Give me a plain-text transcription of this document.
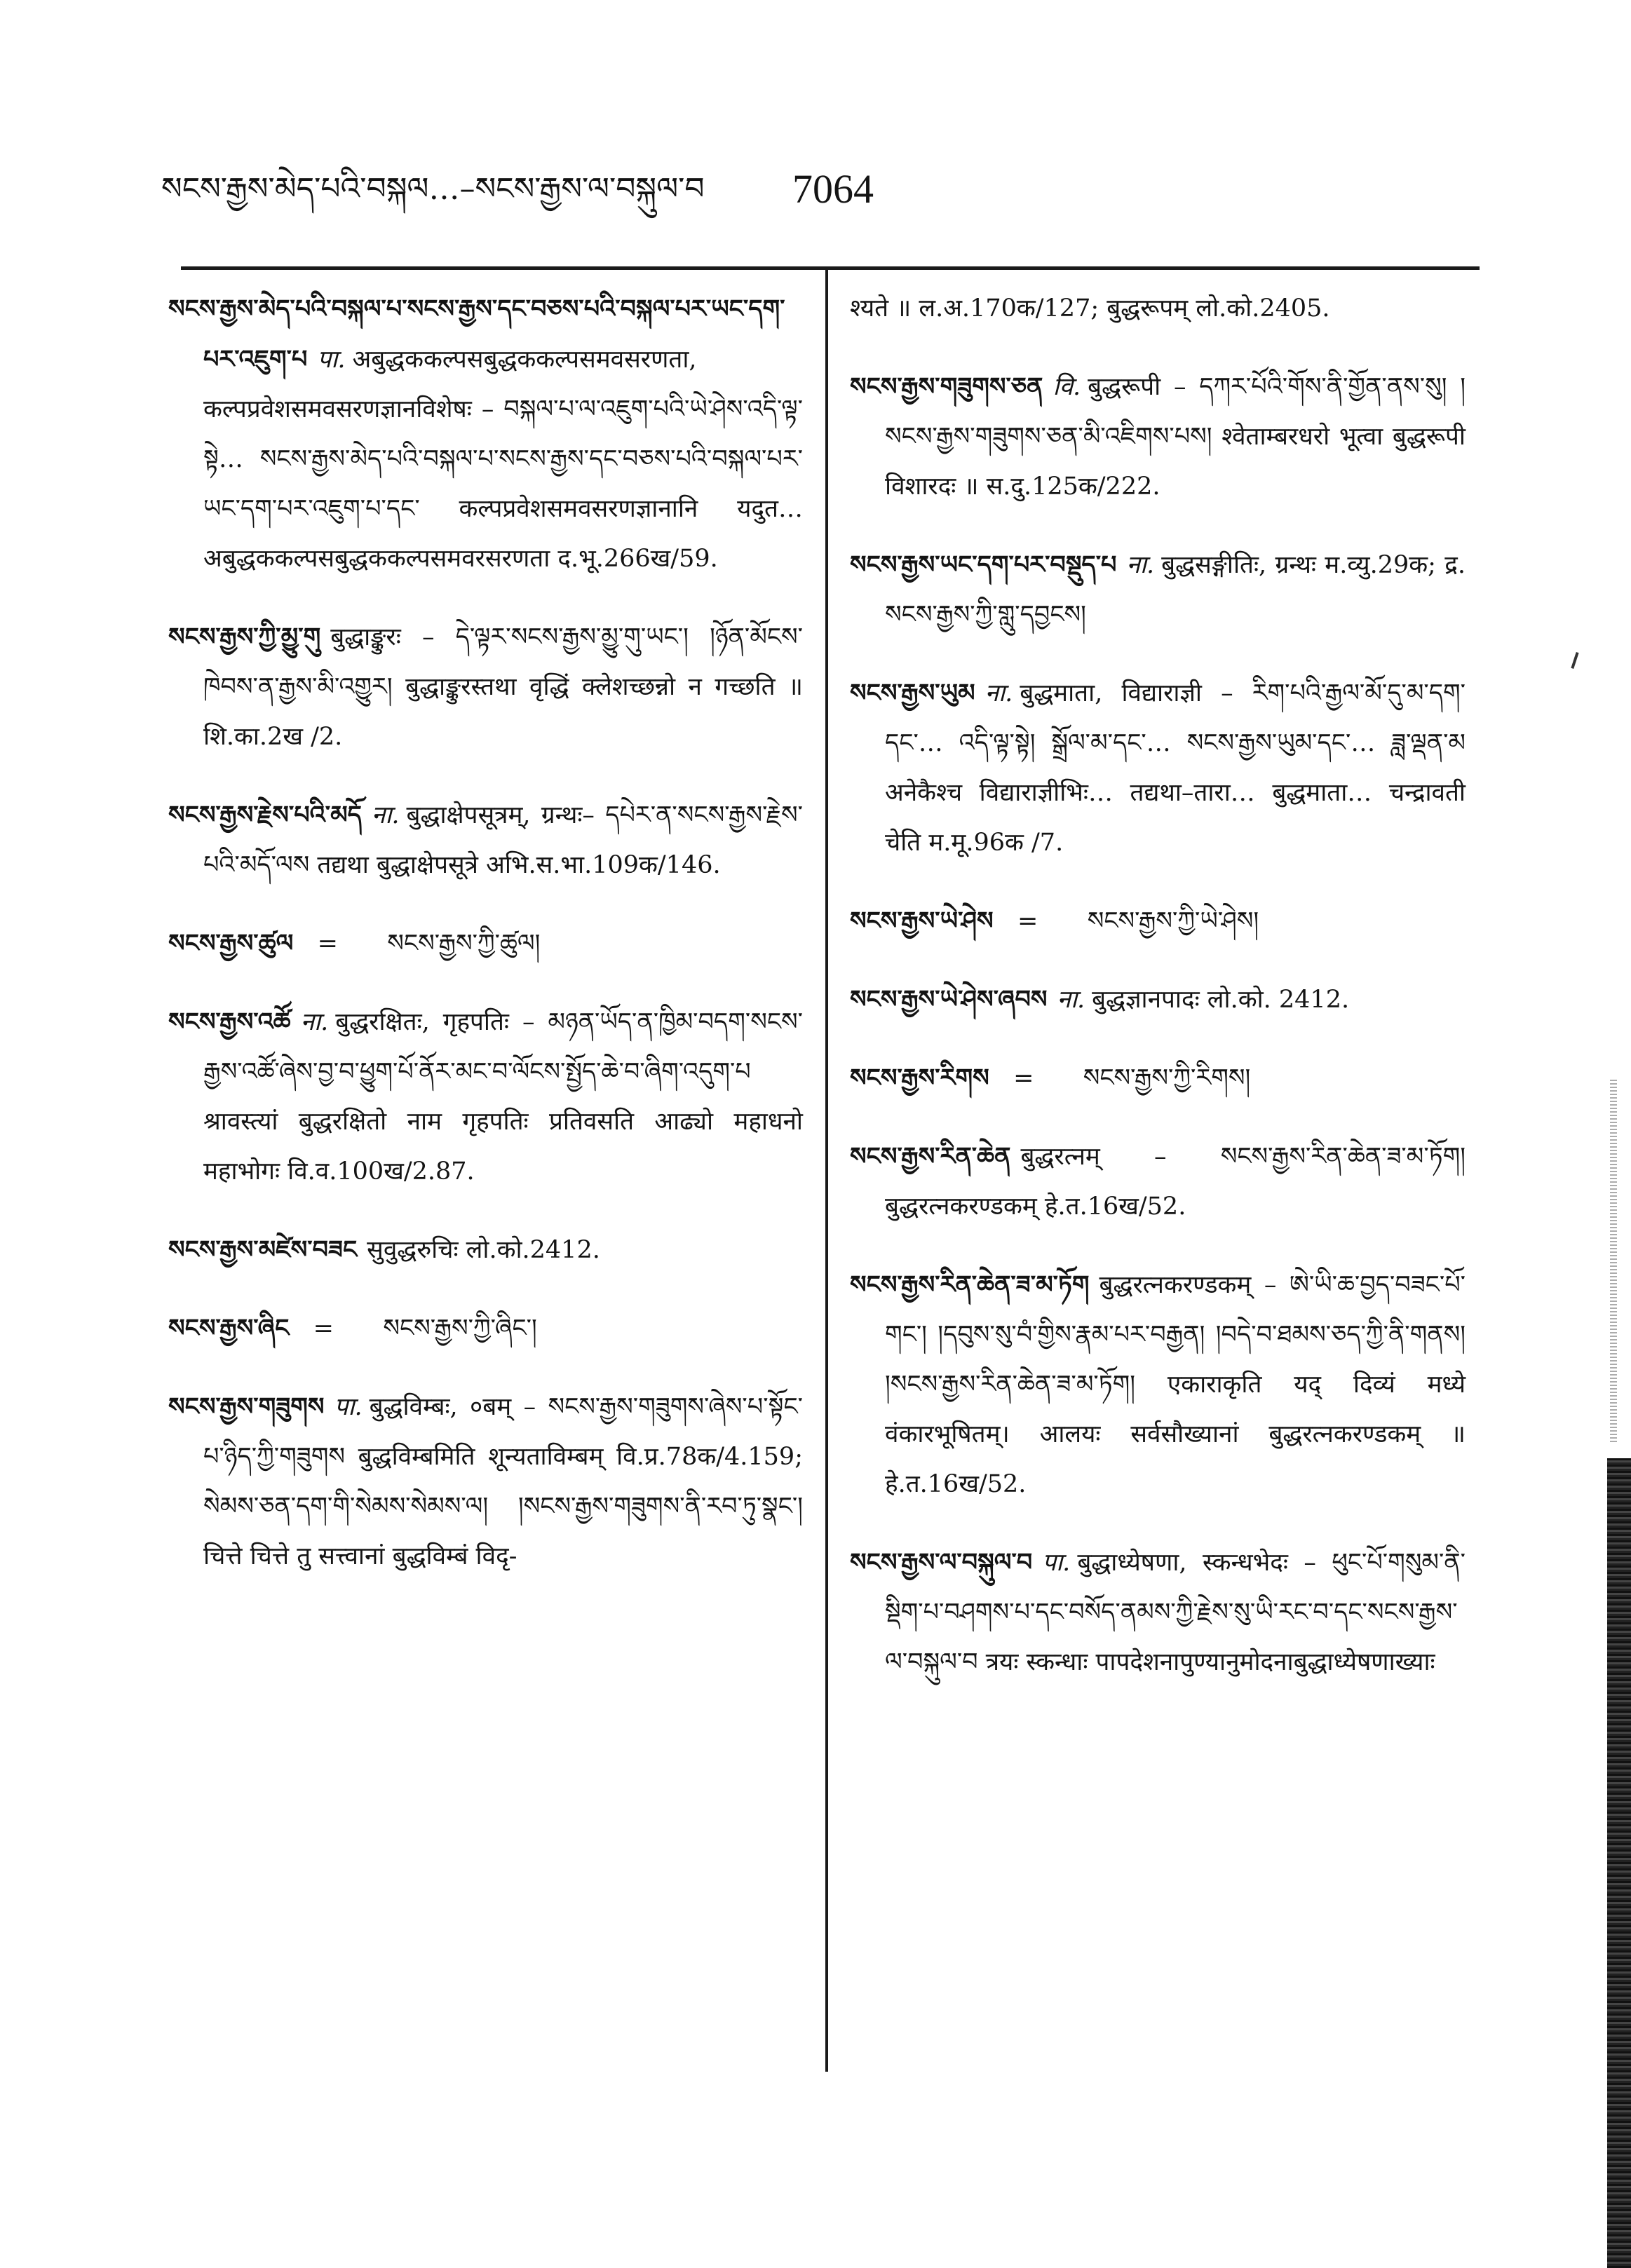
སངས་རྒྱས་མེད་པའི་བསྐལ…–སངས་རྒྱས་ལ་བསྐུལ་བ 7064
སངས་རྒྱས་མེད་པའི་བསྐལ་པ་སངས་རྒྱས་དང་བཅས་པའི་བསྐལ་པར་ཡང་དག་པར་འཇུག་པ पा. अबुद्धककल्पसबुद्धककल्पसमवसरणता, कल्पप्रवेशसमवसरणज्ञानविशेषः – བསྐལ་པ་ལ་འཇུག་པའི་ཡེ་ཤེས་འདི་ལྟ་སྟེ… སངས་རྒྱས་མེད་པའི་བསྐལ་པ་སངས་རྒྱས་དང་བཅས་པའི་བསྐལ་པར་ཡང་དག་པར་འཇུག་པ་དང་ कल्पप्रवेशसमवसरणज्ञानानि यदुत… अबुद्धककल्पसबुद्धककल्पसमवरसरणता द.भू.266ख/59.
སངས་རྒྱས་ཀྱི་མྱུ་གུ बुद्धाङ्कुरः – དེ་ལྟར་སངས་རྒྱས་མྱུ་གུ་ཡང་། །ཉོན་མོངས་ཁེབས་ན་རྒྱས་མི་འགྱུར། बुद्धाङ्कुरस्तथा वृद्धिं क्लेशच्छन्नो न गच्छति ॥ शि.का.2ख /2.
སངས་རྒྱས་རྗེས་པའི་མདོ ना. बुद्धाक्षेपसूत्रम्, ग्रन्थः– དཔེར་ན་སངས་རྒྱས་རྗེས་པའི་མདོ་ལས तद्यथा बुद्धाक्षेपसूत्रे अभि.स.भा.109क/146.
སངས་རྒྱས་ཚུལ = སངས་རྒྱས་ཀྱི་ཚུལ།
སངས་རྒྱས་འཚོ ना. बुद्धरक्षितः, गृहपतिः – མཉན་ཡོད་ན་ཁྱིམ་བདག་སངས་རྒྱས་འཚོ་ཞེས་བྱ་བ་ཕྱུག་པོ་ནོར་མང་བ་ལོངས་སྤྱོད་ཆེ་བ་ཞིག་འདུག་པ श्रावस्त्यां बुद्धरक्षितो नाम गृहपतिः प्रतिवसति आढ्यो महाधनो महाभोगः वि.व.100ख/2.87.
སངས་རྒྱས་མཛེས་བཟང सुवुद्धरुचिः लो.को.2412.
སངས་རྒྱས་ཞིང = སངས་རྒྱས་ཀྱི་ཞིང་།
སངས་རྒྱས་གཟུགས पा. बुद्धविम्बः, ०बम् – སངས་རྒྱས་གཟུགས་ཞེས་པ་སྟོང་པ་ཉིད་ཀྱི་གཟུགས बुद्धविम्बमिति शून्यताविम्बम् वि.प्र.78क/4.159; སེམས་ཅན་དག་གི་སེམས་སེམས་ལ། །སངས་རྒྱས་གཟུགས་ནི་རབ་ཏུ་སྣང་། चित्ते चित्ते तु सत्त्वानां बुद्धविम्बं विदृ-
श्यते ॥ ल.अ.170क/127; बुद्धरूपम् लो.को.2405.
སངས་རྒྱས་གཟུགས་ཅན वि. बुद्धरूपी – དཀར་པོའི་གོས་ནི་གྱོན་ནས་སུ། །སངས་རྒྱས་གཟུགས་ཅན་མི་འཇིགས་པས། श्वेताम्बरधरो भूत्वा बुद्धरूपी विशारदः ॥ स.दु.125क/222.
སངས་རྒྱས་ཡང་དག་པར་བསྡུད་པ ना. बुद्धसङ्गीतिः, ग्रन्थः म.व्यु.29क; द्र. སངས་རྒྱས་ཀྱི་གླུ་དབྱངས།
སངས་རྒྱས་ཡུམ ना. बुद्धमाता, विद्याराज्ञी – རིག་པའི་རྒྱལ་མོ་དུ་མ་དག་དང་… འདི་ལྟ་སྟེ། སྒྲོལ་མ་དང་… སངས་རྒྱས་ཡུམ་དང་… ཟླ་ལྡན་མ अनेकैश्च विद्याराज्ञीभिः… तद्यथा–तारा… बुद्धमाता… चन्द्रावती चेति म.मू.96क /7.
སངས་རྒྱས་ཡེ་ཤེས = སངས་རྒྱས་ཀྱི་ཡེ་ཤེས།
སངས་རྒྱས་ཡེ་ཤེས་ཞབས ना. बुद्धज्ञानपादः लो.को. 2412.
སངས་རྒྱས་རིགས = སངས་རྒྱས་ཀྱི་རིགས།
སངས་རྒྱས་རིན་ཆེན बुद्धरत्नम् – སངས་རྒྱས་རིན་ཆེན་ཟ་མ་ཏོག། बुद्धरत्नकरण्डकम् हे.त.16ख/52.
སངས་རྒྱས་རིན་ཆེན་ཟ་མ་ཏོག बुद्धरत्नकरण्डकम् – ཨེ་ཡི་ཆ་བྱད་བཟང་པོ་གང་། །དབུས་སུ་བཾ་གྱིས་རྣམ་པར་བརྒྱན། །བདེ་བ་ཐམས་ཅད་ཀྱི་ནི་གནས། །སངས་རྒྱས་རིན་ཆེན་ཟ་མ་ཏོག། एकाराकृति यद् दिव्यं मध्ये वंकारभूषितम्। आलयः सर्वसौख्यानां बुद्धरत्नकरण्डकम् ॥ हे.त.16ख/52.
སངས་རྒྱས་ལ་བསྐུལ་བ पा. बुद्धाध्येषणा, स्कन्धभेदः – ཕུང་པོ་གསུམ་ནི་སྡིག་པ་བཤགས་པ་དང་བསོད་ནམས་ཀྱི་རྗེས་སུ་ཡི་རང་བ་དང་སངས་རྒྱས་ལ་བསྐུལ་བ त्रयः स्कन्धाः पापदेशनापुण्यानुमोदनाबुद्धाध्येषणाख्याः
